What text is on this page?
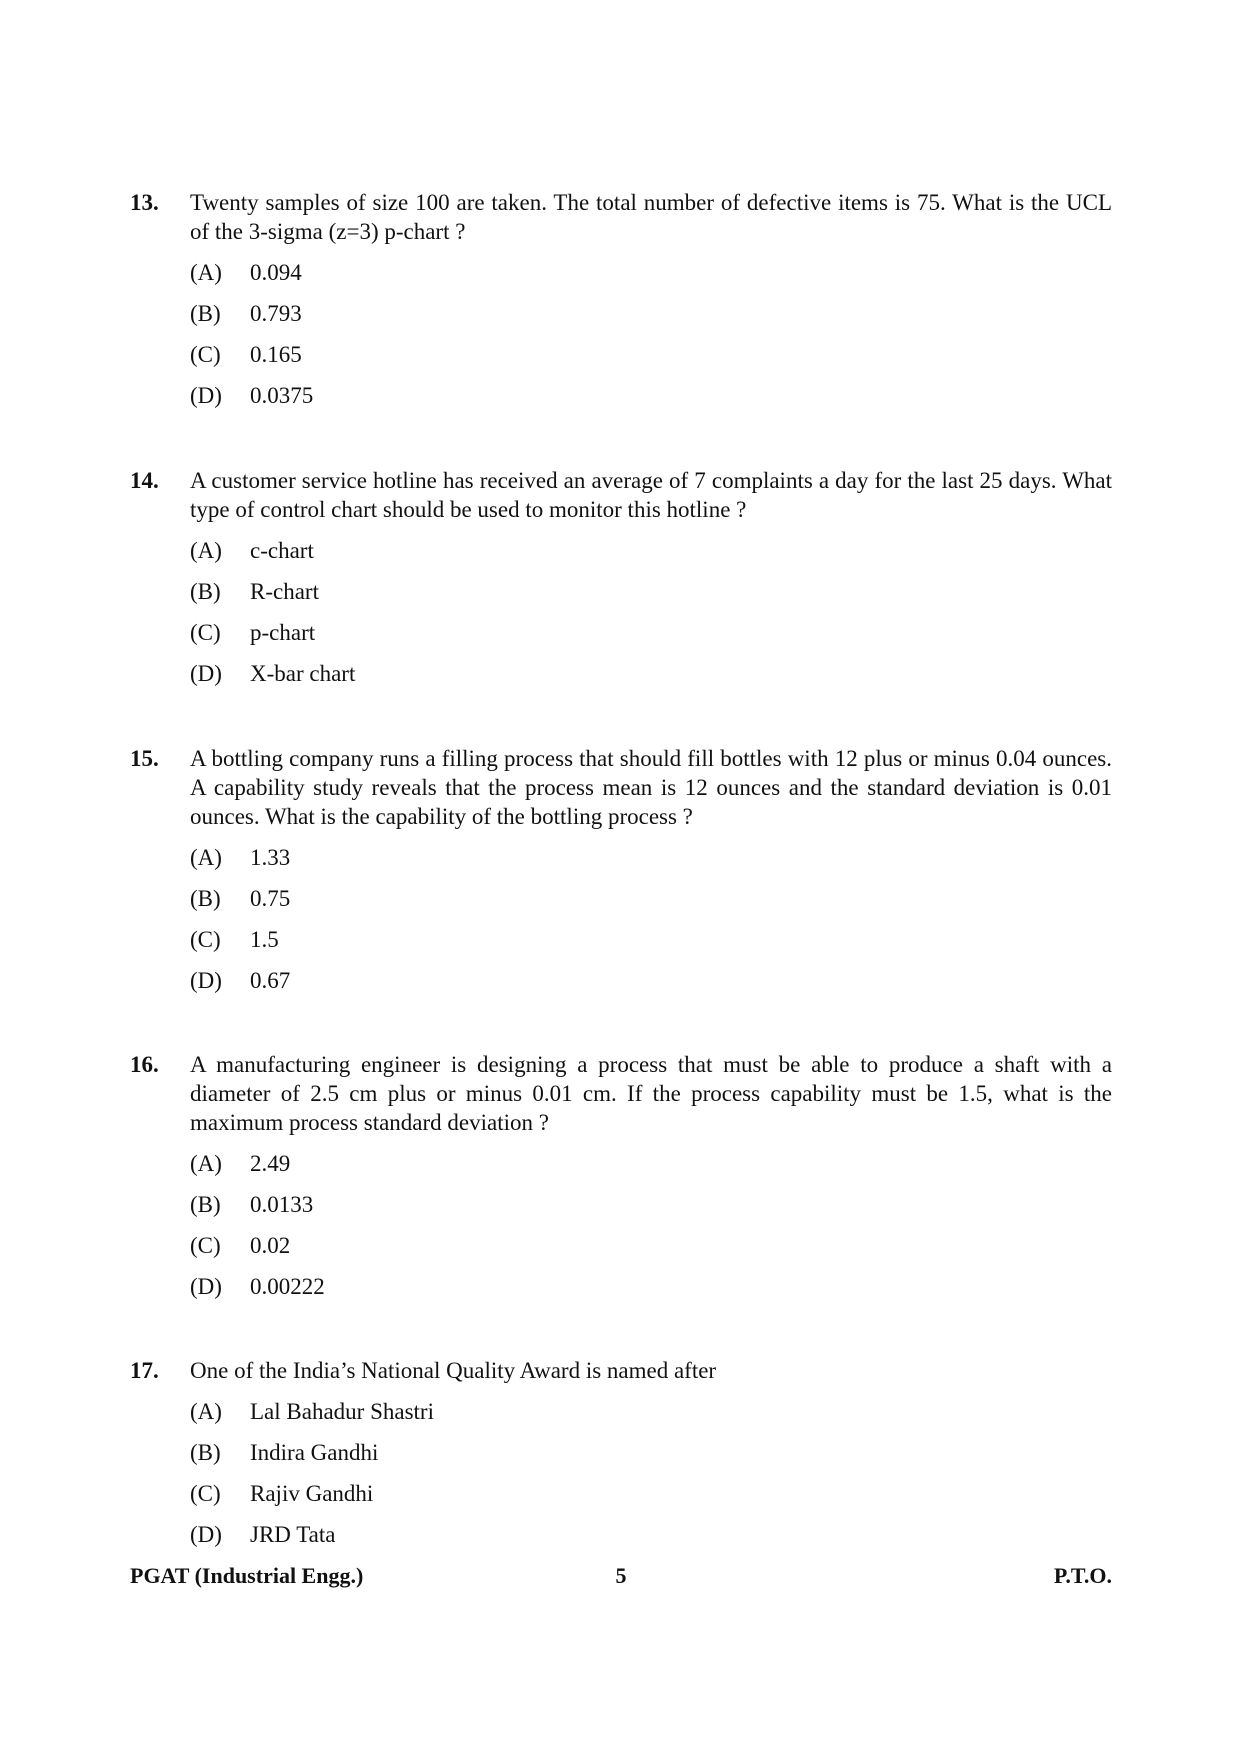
13. Twenty samples of size 100 are taken. The total number of defective items is 75. What is the UCL of the 3-sigma (z=3) p-chart ?

(A)	0.094
(B)	0.793
(C)	0.165
(D)	0.0375
14. A customer service hotline has received an average of 7 complaints a day for the last 25 days. What type of control chart should be used to monitor this hotline ?

(A)	c-chart
(B)	R-chart
(C)	p-chart
(D)	X-bar chart
15. A bottling company runs a filling process that should fill bottles with 12 plus or minus 0.04 ounces. A capability study reveals that the process mean is 12 ounces and the standard deviation is 0.01 ounces. What is the capability of the bottling process ?

(A)	1.33
(B)	0.75
(C)	1.5
(D)	0.67
16. A manufacturing engineer is designing a process that must be able to produce a shaft with a diameter of 2.5 cm plus or minus 0.01 cm. If the process capability must be 1.5, what is the maximum process standard deviation ?

(A)	2.49
(B)	0.0133
(C)	0.02
(D)	0.00222
17. One of the India’s National Quality Award is named after

(A)	Lal Bahadur Shastri
(B)	Indira Gandhi
(C)	Rajiv Gandhi
(D)	JRD Tata
PGAT (Industrial Engg.)	5	P.T.O.
